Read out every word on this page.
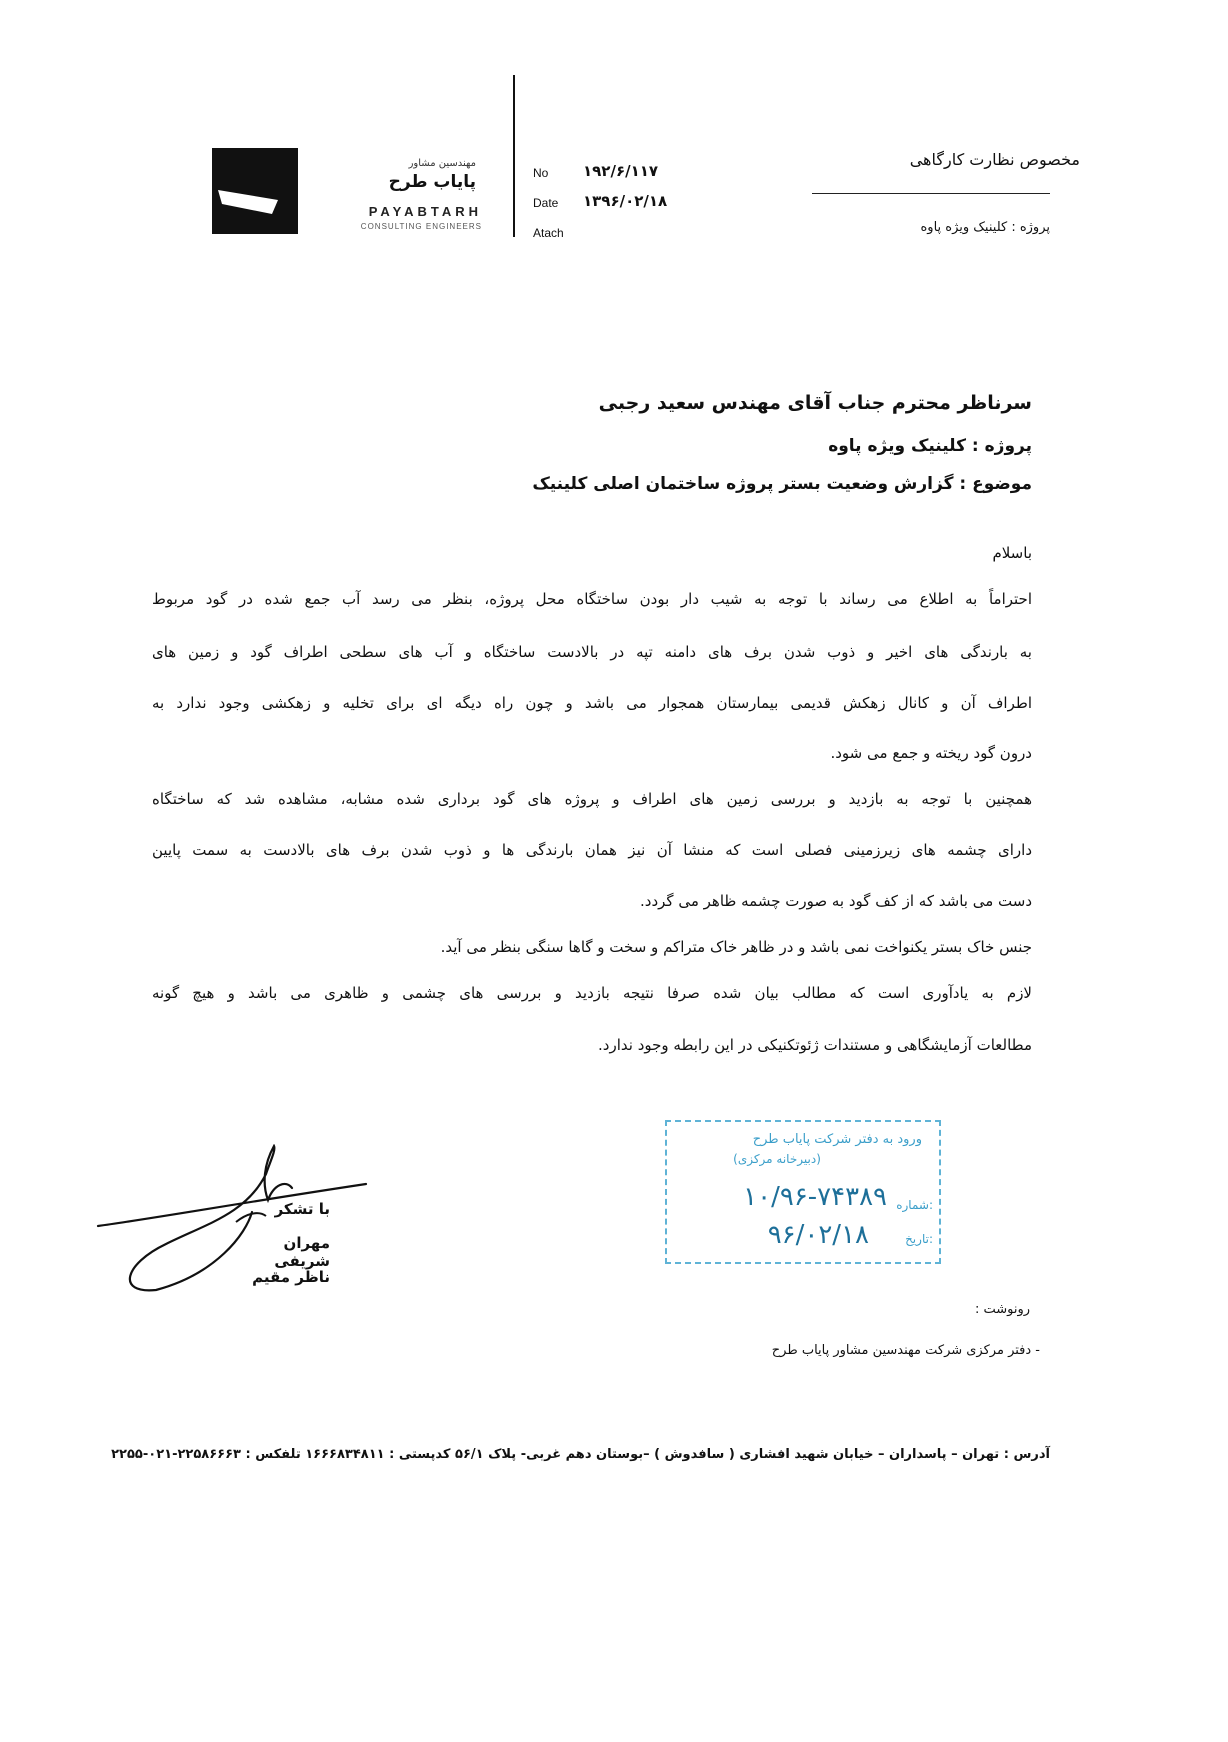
مهندسین مشاور
پایاب طرح
PAYABTARH
CONSULTING ENGINEERS
No ۱۹۲/۶/۱۱۷
Date ۱۳۹۶/۰۲/۱۸
Atach
مخصوص نظارت کارگاهی
پروژه : کلینیک ویژه پاوه
سرناظر محترم جناب آقای مهندس سعید رجبی
پروژه : کلینیک ویژه پاوه
موضوع : گزارش وضعیت بستر پروژه ساختمان اصلی کلینیک
باسلام
احتراماً به اطلاع می رساند با توجه به شیب دار بودن ساختگاه محل پروژه، بنظر می رسد آب جمع شده در گود مربوط
به بارندگی های اخیر و ذوب شدن برف های دامنه تپه در بالادست ساختگاه و آب های سطحی اطراف گود و زمین های
اطراف آن و کانال زهکش قدیمی بیمارستان همجوار می باشد و چون راه دیگه ای برای تخلیه و زهکشی وجود ندارد به
درون گود ریخته و جمع می شود.
همچنین با توجه به بازدید و بررسی زمین های اطراف و پروژه های گود برداری شده مشابه، مشاهده شد که ساختگاه
دارای چشمه های زیرزمینی فصلی است که منشا آن نیز همان بارندگی ها و ذوب شدن برف های بالادست به سمت پایین
دست می باشد که از کف گود به صورت چشمه ظاهر می گردد.
جنس خاک بستر یکنواخت نمی باشد و در ظاهر خاک متراکم و سخت و گاها سنگی بنظر می آید.
لازم به یادآوری است که مطالب بیان شده صرفا نتیجه بازدید و بررسی های چشمی و ظاهری می باشد و هیچ گونه
مطالعات آزمایشگاهی و مستندات ژئوتکنیکی در این رابطه وجود ندارد.
ورود به دفتر شرکت پایاب طرح
(دبیرخانه مرکزی)
شماره:
۱۰/۹۶-۷۴۳۸۹
تاریخ:
۹۶/۰۲/۱۸
با تشکر
مهران شریفی
ناظر مقیم
رونوشت :
- دفتر مرکزی شرکت مهندسین مشاور پایاب طرح
آدرس : تهران – پاسداران – خیابان شهید افشاری ( سافدوش ) –بوستان دهم غربی- پلاک ۵۶/۱ کدپستی : ۱۶۶۶۸۳۴۸۱۱ تلفکس : ۲۲۵۸۶۶۶۳-۰۲۱-۲۲۵۵
